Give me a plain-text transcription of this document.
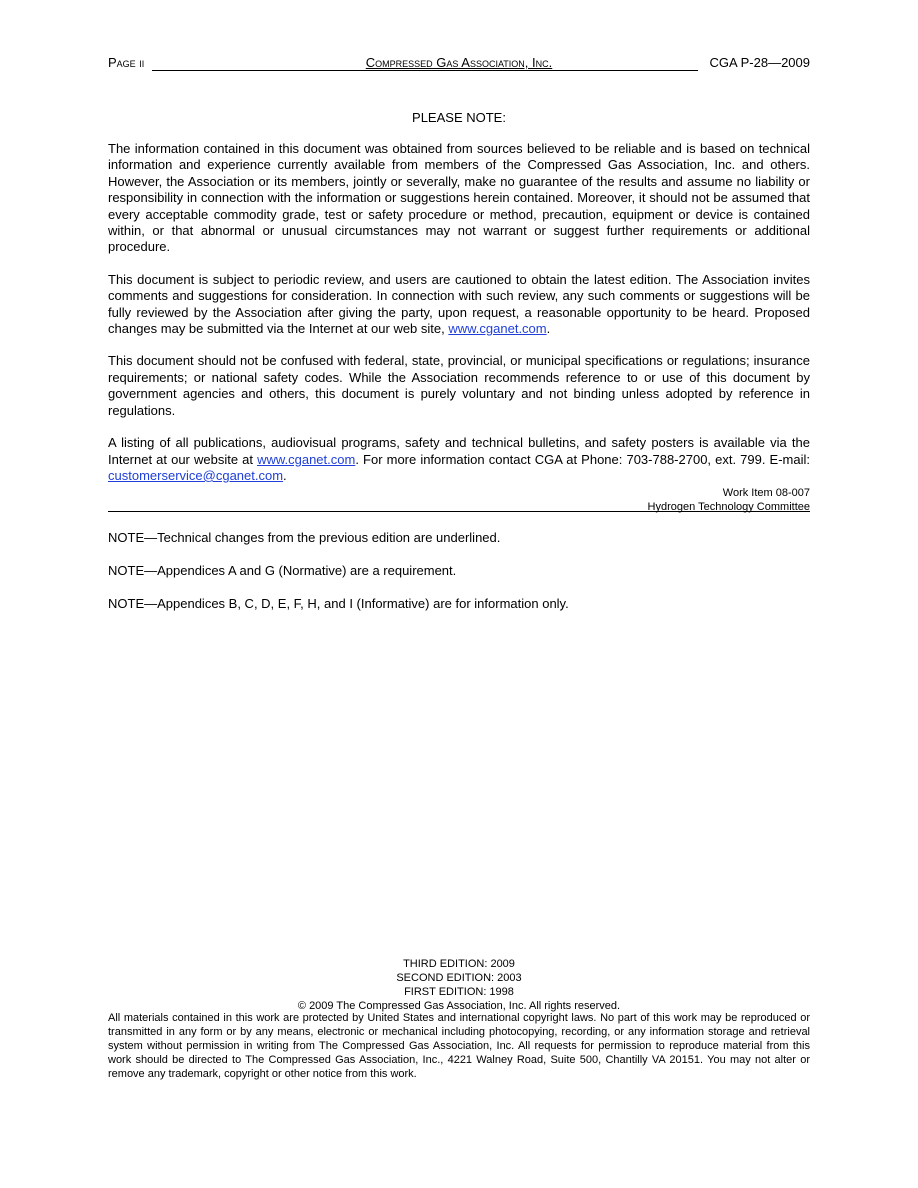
Page ii	Compressed Gas Association, Inc.	CGA P-28—2009
PLEASE NOTE:

The information contained in this document was obtained from sources believed to be reliable and is based on technical information and experience currently available from members of the Compressed Gas Association, Inc. and others. However, the Association or its members, jointly or severally, make no guarantee of the results and assume no liability or responsibility in connection with the information or suggestions herein contained. Moreover, it should not be assumed that every acceptable commodity grade, test or safety procedure or method, precaution, equipment or device is contained within, or that abnormal or unusual circumstances may not warrant or suggest further requirements or additional procedure.

This document is subject to periodic review, and users are cautioned to obtain the latest edition. The Association invites comments and suggestions for consideration. In connection with such review, any such comments or suggestions will be fully reviewed by the Association after giving the party, upon request, a reasonable opportunity to be heard. Proposed changes may be submitted via the Internet at our web site, www.cganet.com.

This document should not be confused with federal, state, provincial, or municipal specifications or regulations; insurance requirements; or national safety codes. While the Association recommends reference to or use of this document by government agencies and others, this document is purely voluntary and not binding unless adopted by reference in regulations.

A listing of all publications, audiovisual programs, safety and technical bulletins, and safety posters is available via the Internet at our website at www.cganet.com. For more information contact CGA at Phone: 703-788-2700, ext. 799. E-mail: customerservice@cganet.com.

Work Item 08-007
Hydrogen Technology Committee

NOTE—Technical changes from the previous edition are underlined.

NOTE—Appendices A and G (Normative) are a requirement.

NOTE—Appendices B, C, D, E, F, H, and I (Informative) are for information only.

THIRD EDITION: 2009
SECOND EDITION: 2003
FIRST EDITION: 1998
© 2009 The Compressed Gas Association, Inc. All rights reserved.
All materials contained in this work are protected by United States and international copyright laws. No part of this work may be reproduced or transmitted in any form or by any means, electronic or mechanical including photocopying, recording, or any information storage and retrieval system without permission in writing from The Compressed Gas Association, Inc. All requests for permission to reproduce material from this work should be directed to The Compressed Gas Association, Inc., 4221 Walney Road, Suite 500, Chantilly VA 20151. You may not alter or remove any trademark, copyright or other notice from this work.
